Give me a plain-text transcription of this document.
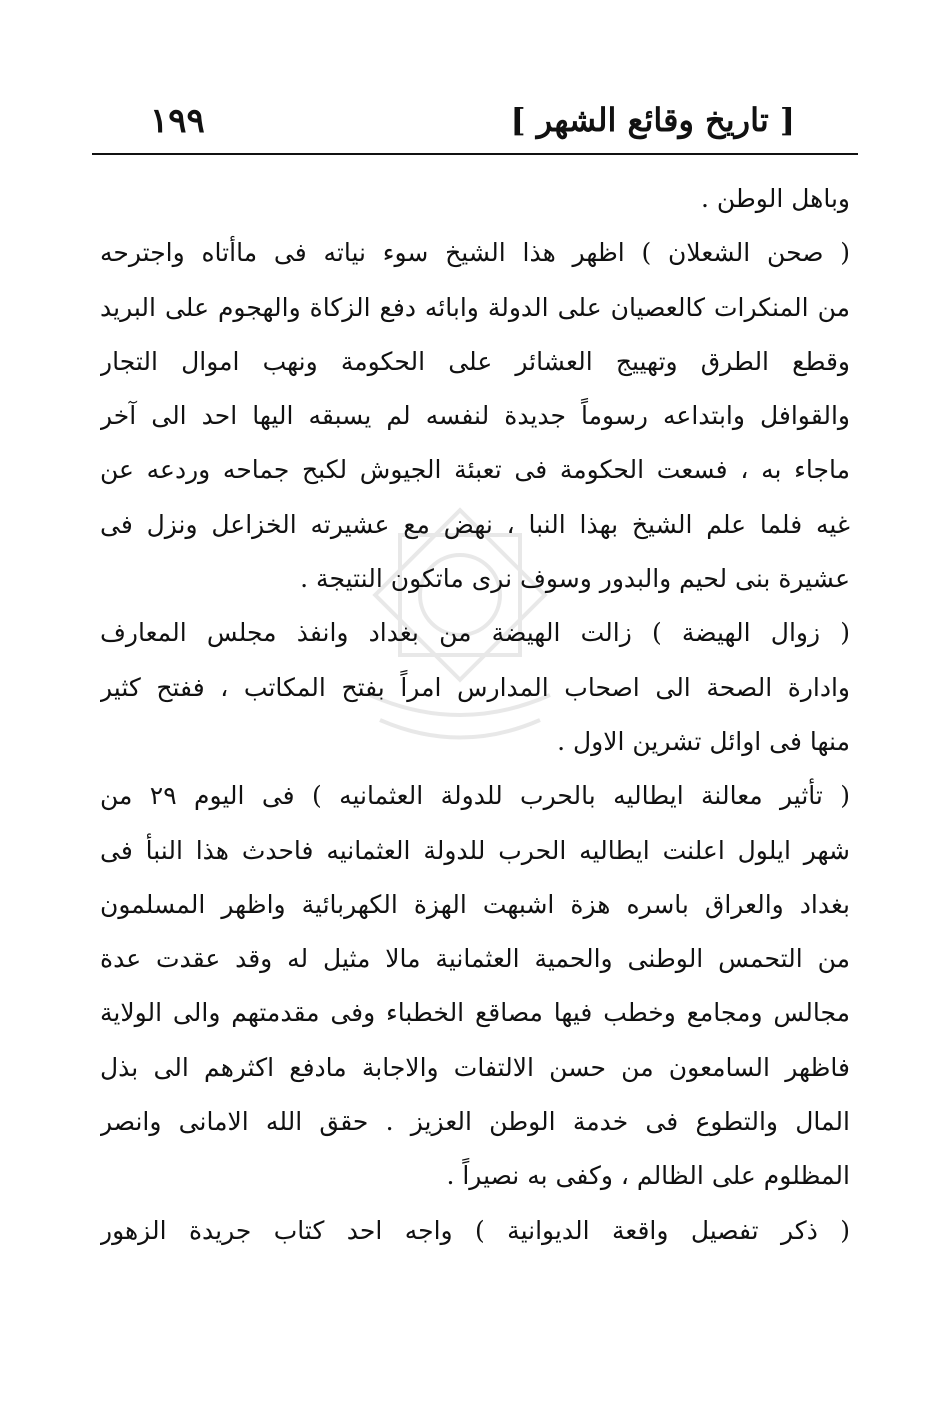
[ تاريخ وقائع الشهر ]
١٩٩
وباهل الوطن .
( صحن الشعلان ) اظهر هذا الشيخ سوء نياته فى ماأتاه واجترحه
من المنكرات كالعصيان على الدولة وابائه دفع الزكاة والهجوم على البريد
وقطع الطرق وتهييج العشائر على الحكومة ونهب اموال التجار
والقوافل وابتداعه رسوماً جديدة لنفسه لم يسبقه اليها احد الى آخر
ماجاء به ، فسعت الحكومة فى تعبئة الجيوش لكبح جماحه وردعه عن
غيه فلما علم الشيخ بهذا النبا ، نهض مع عشيرته الخزاعل ونزل فى
عشيرة بنى لحيم والبدور وسوف نرى ماتكون النتيجة .
( زوال الهيضة ) زالت الهيضة من بغداد وانفذ مجلس المعارف
وادارة الصحة الى اصحاب المدارس امراً بفتح المكاتب ، ففتح كثير
منها فى اوائل تشرين الاول .
( تأثير معالنة ايطاليه بالحرب للدولة العثمانيه ) فى اليوم ٢٩ من
شهر ايلول اعلنت ايطاليه الحرب للدولة العثمانيه فاحدث هذا النبأ فى
بغداد والعراق باسره هزة اشبهت الهزة الكهربائية واظهر المسلمون
من التحمس الوطنى والحمية العثمانية مالا مثيل له وقد عقدت عدة
مجالس ومجامع وخطب فيها مصاقع الخطباء وفى مقدمتهم والى الولاية
فاظهر السامعون من حسن الالتفات والاجابة مادفع اكثرهم الى بذل
المال والتطوع فى خدمة الوطن العزيز . حقق الله الامانى وانصر
المظلوم على الظالم ، وكفى به نصيراً .
( ذكر تفصيل واقعة الديوانية ) واجه احد كتاب جريدة الزهور
